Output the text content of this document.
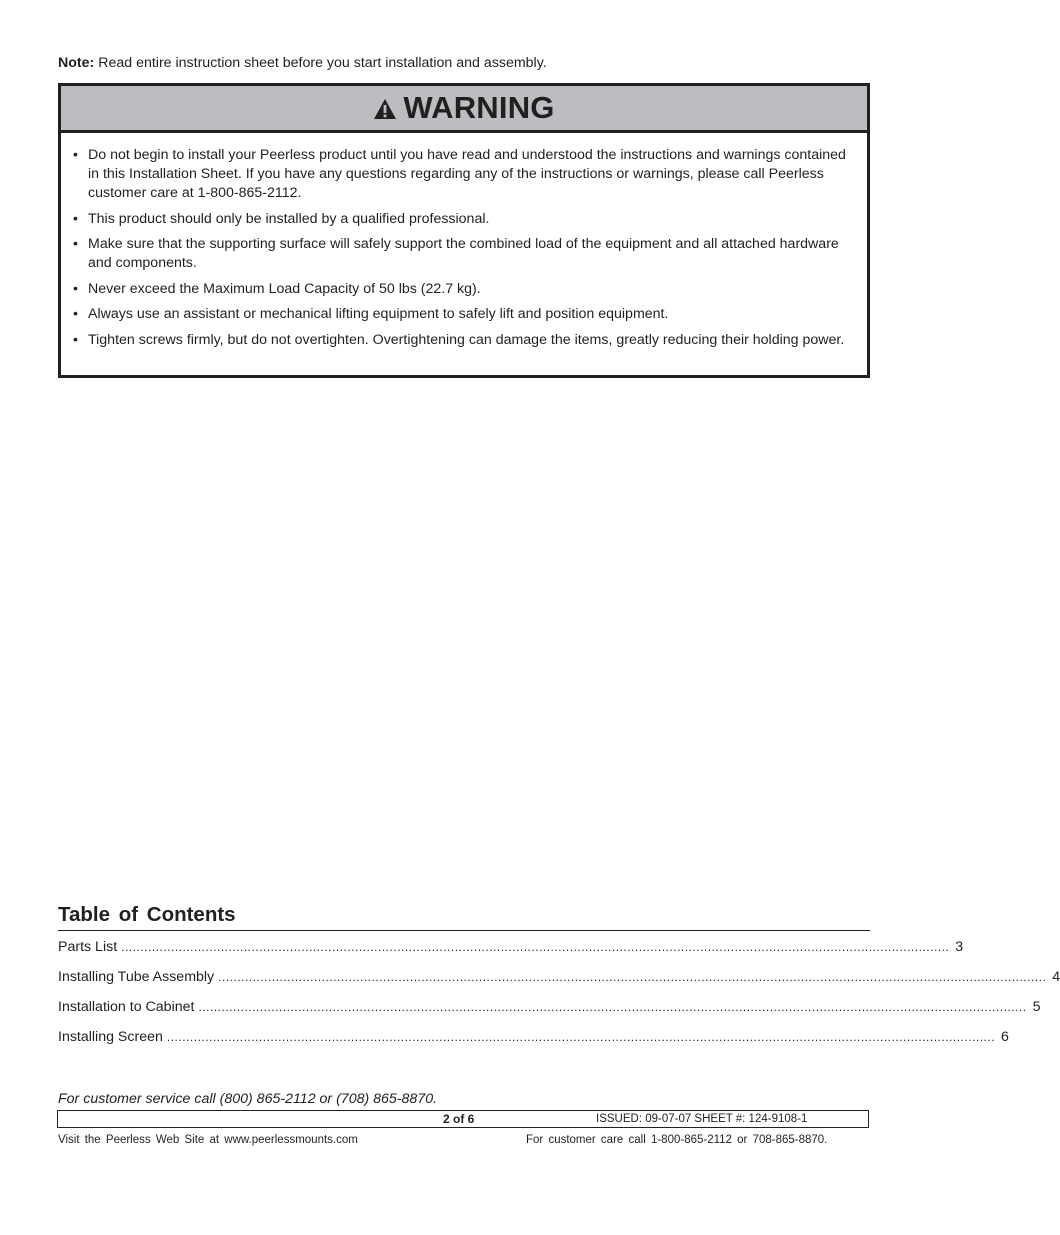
Note: Read entire instruction sheet before you start installation and assembly.
WARNING
• Do not begin to install your Peerless product until you have read and understood the instructions and warnings contained in this Installation Sheet. If you have any questions regarding any of the instructions or warnings, please call Peerless customer care at 1-800-865-2112.
• This product should only be installed by a qualified professional.
• Make sure that the supporting surface will safely support the combined load of the equipment and all attached hardware and components.
• Never exceed the Maximum Load Capacity of 50 lbs (22.7 kg).
• Always use an assistant or mechanical lifting equipment to safely lift and position equipment.
• Tighten screws firmly, but do not overtighten. Overtightening can damage the items, greatly reducing their holding power.
Table of Contents
Parts List ........................................................................................................................................................................................................................ 3
Installing Tube Assembly ........................................................................................................................................................................................................................ 4
Installation to Cabinet ........................................................................................................................................................................................................................ 5
Installing Screen ........................................................................................................................................................................................................................ 6
For customer service call (800) 865-2112 or (708) 865-8870.
2 of 6	ISSUED: 09-07-07 SHEET #: 124-9108-1
Visit the Peerless Web Site at www.peerlessmounts.com	For customer care call 1-800-865-2112 or 708-865-8870.
